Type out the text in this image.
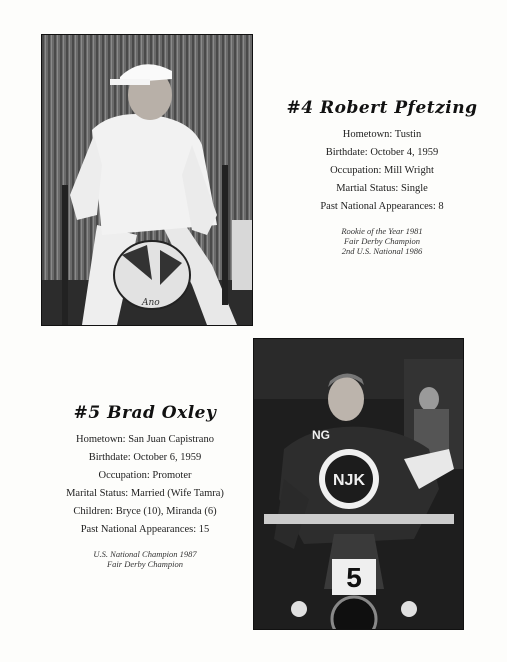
Ano
#4 Robert Pfetzing
Hometown: Tustin
Birthdate: October 4, 1959
Occupation: Mill Wright
Martial Status: Single
Past National Appearances: 8
Rookie of the Year 1981
Fair Derby Champion
2nd U.S. National 1986
#5 Brad Oxley
Hometown: San Juan Capistrano
Birthdate: October 6, 1959
Occupation: Promoter
Marital Status: Married (Wife Tamra)
Children: Bryce (10), Miranda (6)
Past National Appearances: 15
U.S. National Champion 1987
Fair Derby Champion
NJK
NG
5
